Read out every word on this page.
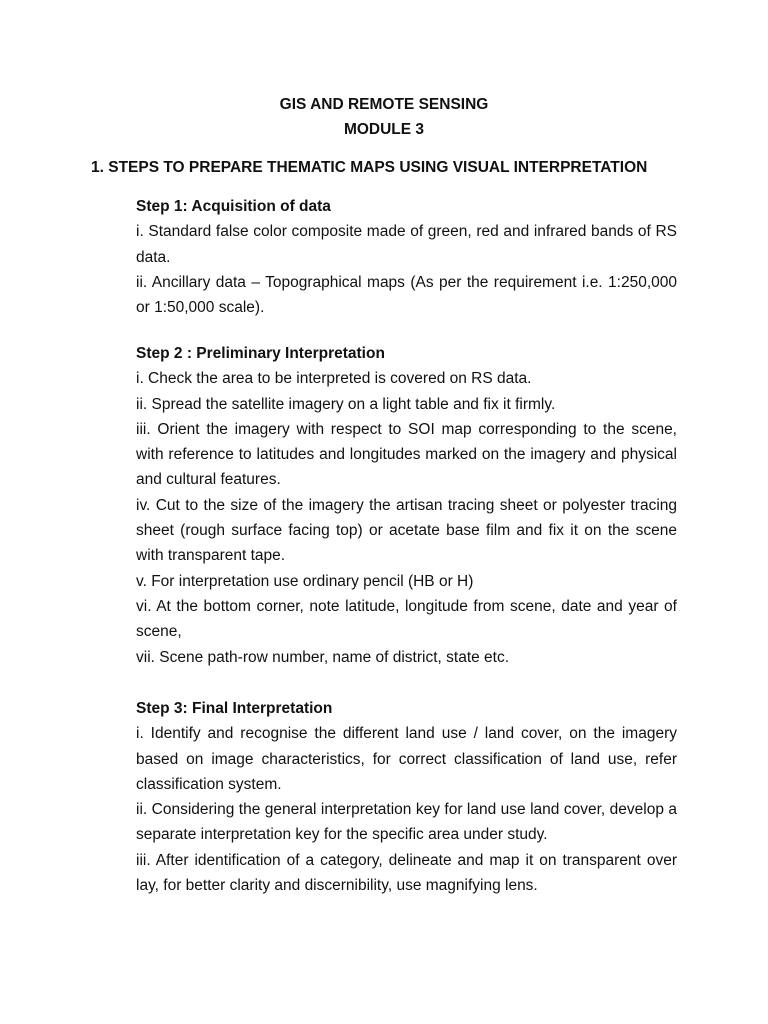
GIS AND REMOTE SENSING
MODULE 3
1. STEPS TO PREPARE THEMATIC MAPS USING VISUAL INTERPRETATION
Step 1: Acquisition of data

i. Standard false color composite made of green, red and infrared bands of RS data.

ii. Ancillary data – Topographical maps (As per the requirement i.e. 1:250,000 or 1:50,000 scale).

Step 2 : Preliminary Interpretation

i. Check the area to be interpreted is covered on RS data.

ii. Spread the satellite imagery on a light table and fix it firmly.

iii. Orient the imagery with respect to SOI map corresponding to the scene, with reference to latitudes and longitudes marked on the imagery and physical and cultural features.

iv. Cut to the size of the imagery the artisan tracing sheet or polyester tracing sheet (rough surface facing top) or acetate base film and fix it on the scene with transparent tape.

v. For interpretation use ordinary pencil (HB or H)

vi. At the bottom corner, note latitude, longitude from scene, date and year of scene,

vii. Scene path-row number, name of district, state etc.

Step 3: Final Interpretation

i. Identify and recognise the different land use / land cover, on the imagery based on image characteristics, for correct classification of land use, refer classification system.

ii. Considering the general interpretation key for land use land cover, develop a separate interpretation key for the specific area under study.

iii. After identification of a category, delineate and map it on transparent over lay, for better clarity and discernibility, use magnifying lens.
